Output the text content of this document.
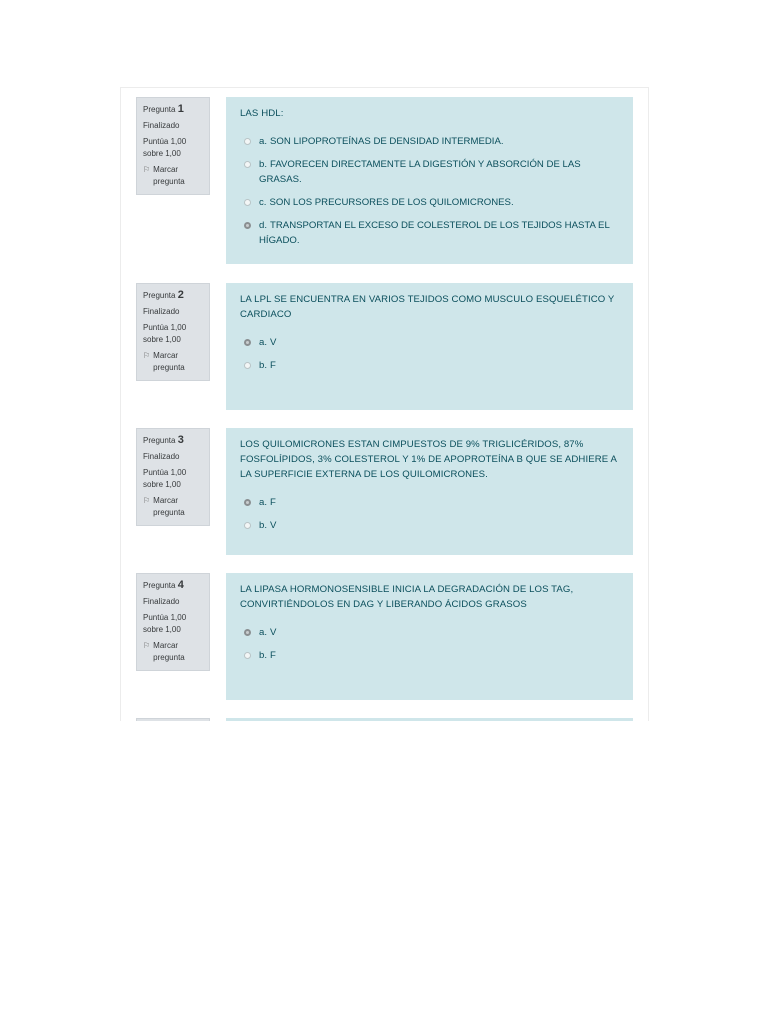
Pregunta 1
Finalizado
Puntúa 1,00
sobre 1,00
⚐ Marcar pregunta
LAS HDL:
a. SON LIPOPROTEÍNAS DE DENSIDAD INTERMEDIA.
b. FAVORECEN DIRECTAMENTE LA DIGESTIÓN Y ABSORCIÓN DE LAS GRASAS.
c. SON LOS PRECURSORES DE LOS QUILOMICRONES.
d. TRANSPORTAN EL EXCESO DE COLESTEROL DE LOS TEJIDOS HASTA EL HÍGADO.
Pregunta 2
Finalizado
Puntúa 1,00
sobre 1,00
⚐ Marcar pregunta
LA LPL SE ENCUENTRA EN VARIOS TEJIDOS COMO MUSCULO ESQUELÉTICO Y CARDIACO
a. V
b. F
Pregunta 3
Finalizado
Puntúa 1,00
sobre 1,00
⚐ Marcar pregunta
LOS QUILOMICRONES ESTAN CIMPUESTOS DE 9% TRIGLICÉRIDOS, 87% FOSFOLÍPIDOS, 3% COLESTEROL Y 1% DE APOPROTEÍNA B QUE SE ADHIERE A LA SUPERFICIE EXTERNA DE LOS QUILOMICRONES.
a. F
b. V
Pregunta 4
Finalizado
Puntúa 1,00
sobre 1,00
⚐ Marcar pregunta
LA LIPASA HORMONOSENSIBLE INICIA LA DEGRADACIÓN DE LOS TAG, CONVIRTIÉNDOLOS EN DAG Y LIBERANDO ÁCIDOS GRASOS
a. V
b. F
